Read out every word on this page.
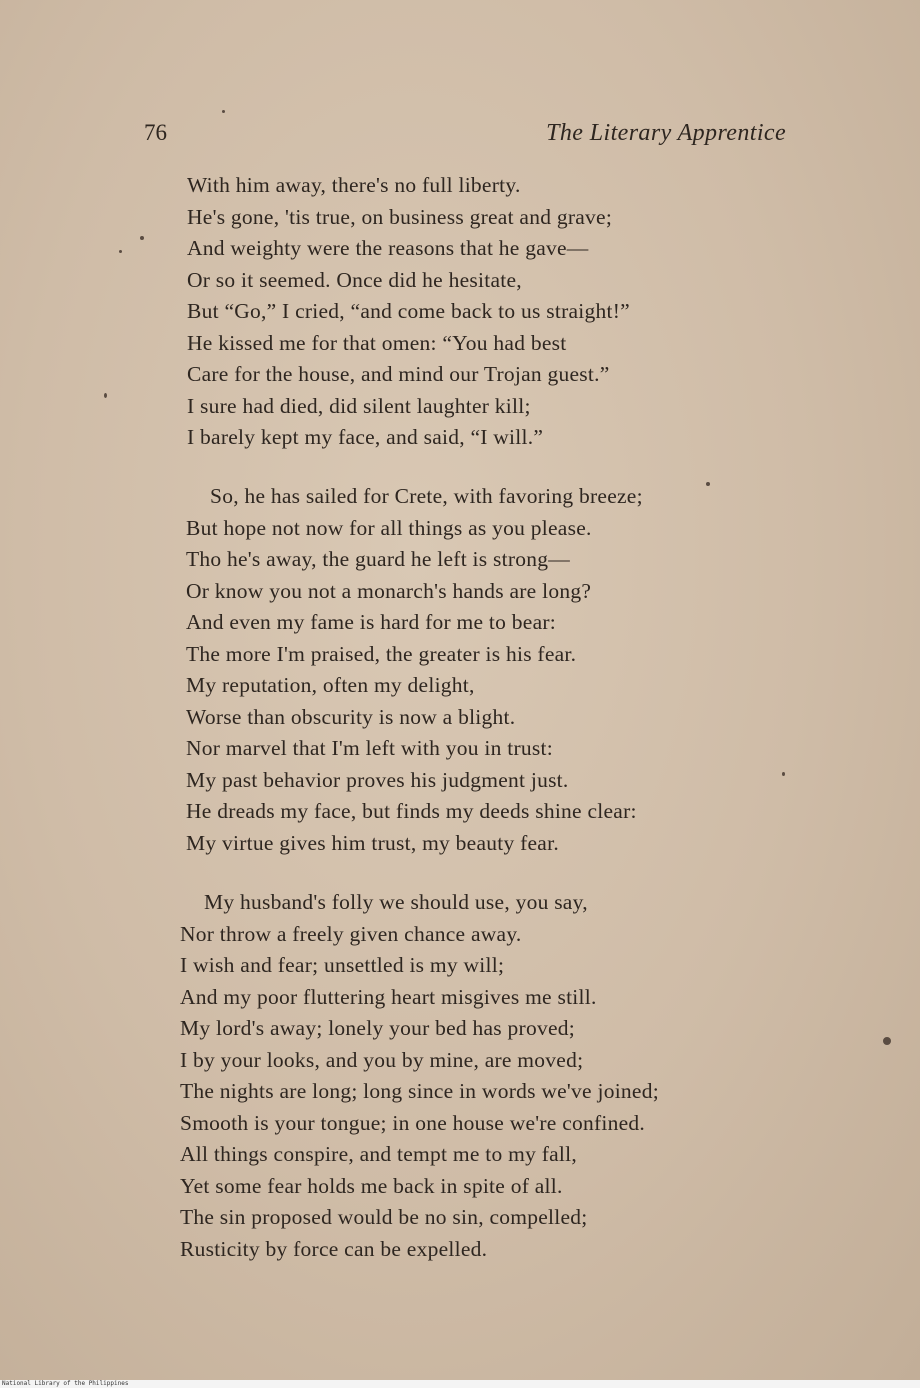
76	The Literary Apprentice
With him away, there's no full liberty.
He's gone, 'tis true, on business great and grave;
And weighty were the reasons that he gave—
Or so it seemed. Once did he hesitate,
But “Go,” I cried, “and come back to us straight!”
He kissed me for that omen: “You had best
Care for the house, and mind our Trojan guest.”
I sure had died, did silent laughter kill;
I barely kept my face, and said, “I will.”
So, he has sailed for Crete, with favoring breeze;
But hope not now for all things as you please.
Tho he's away, the guard he left is strong—
Or know you not a monarch's hands are long?
And even my fame is hard for me to bear:
The more I'm praised, the greater is his fear.
My reputation, often my delight,
Worse than obscurity is now a blight.
Nor marvel that I'm left with you in trust:
My past behavior proves his judgment just.
He dreads my face, but finds my deeds shine clear:
My virtue gives him trust, my beauty fear.
My husband's folly we should use, you say,
Nor throw a freely given chance away.
I wish and fear; unsettled is my will;
And my poor fluttering heart misgives me still.
My lord's away; lonely your bed has proved;
I by your looks, and you by mine, are moved;
The nights are long; long since in words we've joined;
Smooth is your tongue; in one house we're confined.
All things conspire, and tempt me to my fall,
Yet some fear holds me back in spite of all.
The sin proposed would be no sin, compelled;
Rusticity by force can be expelled.
National Library of the Philippines
